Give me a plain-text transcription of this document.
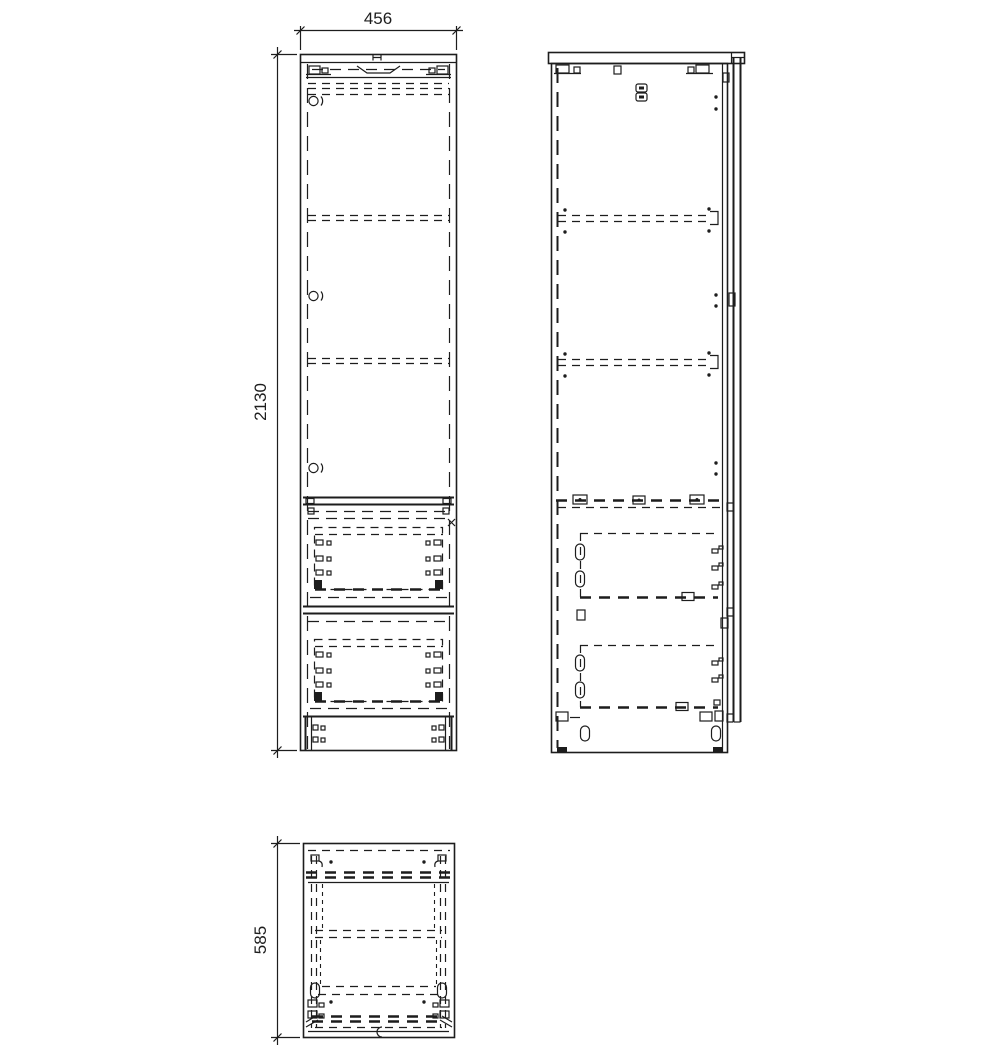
456
2130
585
